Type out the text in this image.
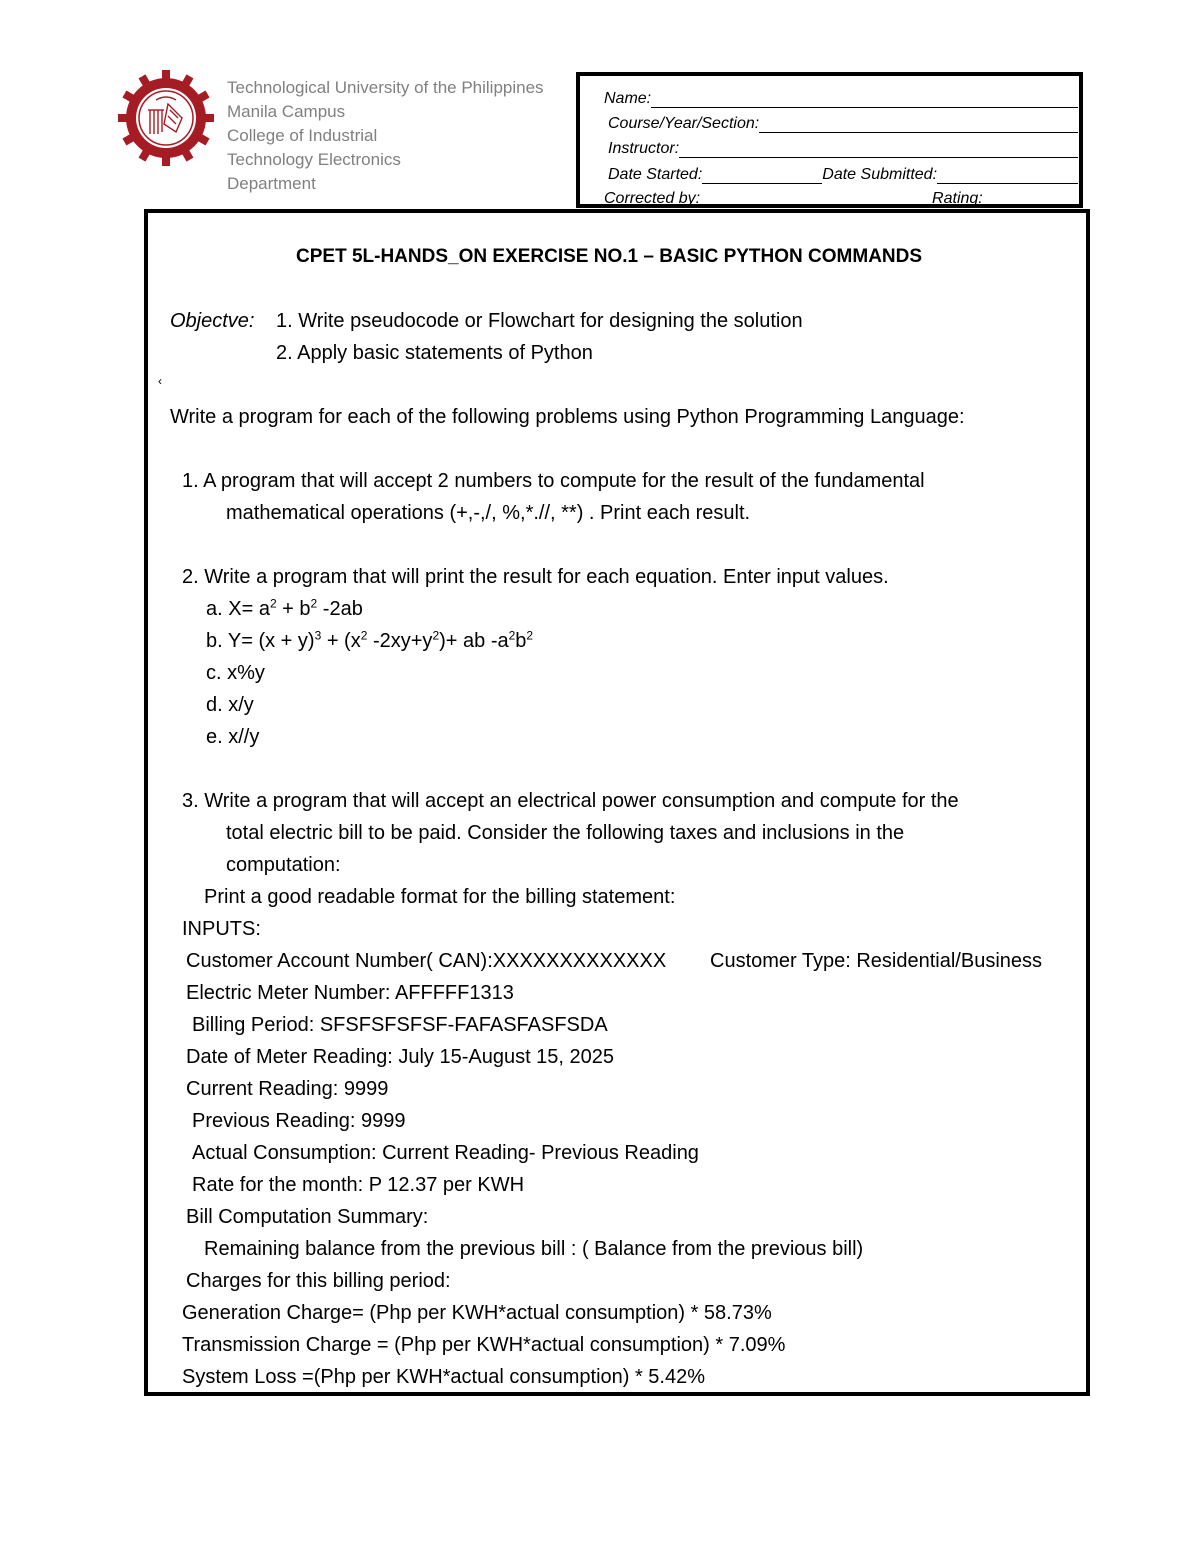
Technological University of the Philippines
Manila Campus
College of Industrial
Technology Electronics
Department
Name:
Course/Year/Section:
Instructor:
Date Started:	Date Submitted:
Corrected by:	Rating:
CPET 5L-HANDS_ON EXERCISE NO.1 – BASIC PYTHON COMMANDS
Objectve: 1. Write pseudocode or Flowchart for designing the solution
2. Apply basic statements of Python
‹
Write a program for each of the following problems using Python Programming Language:
1. A program that will accept 2 numbers to compute for the result of the fundamental
mathematical operations (+,-,/, %,*.//, **) . Print each result.
2. Write a program that will print the result for each equation. Enter input values.
a. $X= a^2 + b^2$ -2ab
b. $Y= (x + y)^3 + (x^2$ $-2xy+y^2)+$ ab $-a^2b^2$
c. x%y
d. x/y
e. x//y
3. Write a program that will accept an electrical power consumption and compute for the
total electric bill to be paid. Consider the following taxes and inclusions in the
computation:
Print a good readable format for the billing statement:
INPUTS:
Customer Account Number( CAN):XXXXXXXXXXXXX Customer Type: Residential/Business
Electric Meter Number: AFFFFF1313
Billing Period: SFSFSFSFSF-FAFASFASFSDA
Date of Meter Reading: July 15-August 15, 2025
Current Reading: 9999
Previous Reading: 9999
Actual Consumption: Current Reading- Previous Reading
Rate for the month: P 12.37 per KWH
Bill Computation Summary:
Remaining balance from the previous bill : ( Balance from the previous bill)
Charges for this billing period:
Generation Charge= (Php per KWH*actual consumption) * 58.73%
Transmission Charge = (Php per KWH*actual consumption) * 7.09%
System Loss =(Php per KWH*actual consumption) * 5.42%
